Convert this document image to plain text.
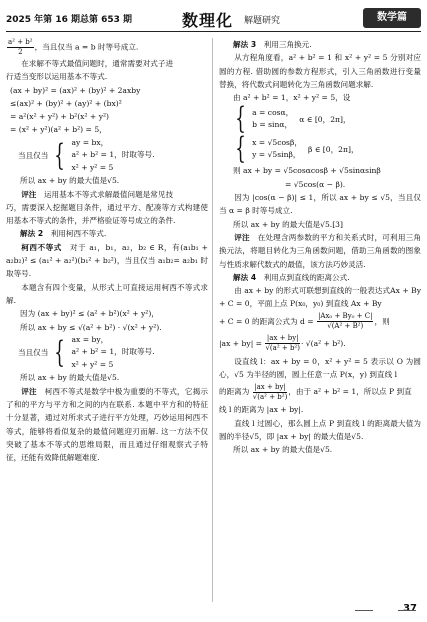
2025 年第 16 期总第 653 期	数理化 解题研究	数学篇
$\frac{\text{a² + b²}}{2}$ ，当且仅当 a = b 时等号成立.

在求解不等式最值问题时，通常需要对式子进
行适当变形以运用基本不等式.

(ax + by)² = (ax)² + (by)² + 2axby
≤(ax)² + (by)² + (ay)² + (bx)²
= a²(x² + y²) + b²(x² + y²)
= (x² + y²)(a² + b²) = 5，
当且仅当 { ay = bx，
a² + b² = 1，时取等号.
x² + y² = 5
所以 ax + by 的最大值是√5.

评注　 运用基本不等式求解最值问题是常见技
巧，需要深入挖掘题目条件，通过平方、配凑等方式构建使用基本不等式的条件，并严格验证等号成立的条件.

解法 2　 利用柯西不等式.

柯西不等式　 对于 a₁，b₁，a₂，b₂ ∈ R，有(a₁b₁ + a₂b₂)² ≤ (a₁² + a₂²)(b₁² + b₂²)，当且仅当 a₁b₂= a₂b₁ 时取等号.

本题含有四个变量，从形式上可直接运用柯西不等式求解.

因为 (ax + by)² ≤ (a² + b²)(x² + y²)，
所以 ax + by ≤ √(a² + b²) · √(x² + y²).
当且仅当 { ax = by，
a² + b² = 1，时取等号.
x² + y² = 5
所以 ax + by 的最大值是√5.

评注　 柯西不等式是数学中极为重要的不等式，它揭示了和的平方与平方和之间的内在联系. 本题中平方和的特征十分显著，通过对所求式子进行平方处理，巧妙运用柯西不等式，能够将看似复杂的最值问题迎刃而解. 这一方法不仅突破了基本不等式的思维局限，而且通过仔细观察式子特征，还能有效降低解题难度.

解法 3　 利用三角换元.

从方程角度看，a² + b² = 1 和 x² + y² = 5 分别对应圆的方程. 借助圆的参数方程形式，引入三角函数进行变量替换，将代数式问题转化为三角函数问题求解.

由 a² + b² = 1，x² + y² = 5，设
{ a = cosα，
b = sinα，
α ∈ [0，2π]，
{ x = √5cosβ，
y = √5sinβ，
β ∈ [0，2π]，
则 ax + by = √5cosαcosβ + √5sinαsinβ
= √5cos(α − β).

因为 |cos(α − β)| ≤ 1，所以 ax + by ≤ √5，当且仅当 α = β 时等号成立.

所以 ax + by 的最大值是√5.[3]

评注　 在处理含两参数的平方和关系式时，可利用三角换元法，将题目转化为三角函数问题，借助三角函数的图象与性质求解代数式的最值，该方法巧妙灵活.

解法 4　 利用点到直线的距离公式.

由 ax + by 的形式可联想到直线的一般表达式Ax + By + C = 0，平面上点 P(x₀，y₀) 到直线 Ax + By

+ C = 0 的距离公式为 $d = \frac{\text{|Ax₀ + By₀ + C|}}{\text{√(A² + B²)}}$ ，则
$|ax + by| = \frac{|ax + by|}{\text{√(a² + b²)}} \cdot √(a^2 + b^2)$.

设直线 l：ax + by = 0，x² + y² = 5 表示以 O 为圆心，√5 为半径的圆，圆上任意一点 P(x，y) 到直线 l

的距离为 $\frac{|ax + by|}{\text{√(a² + b²)}}$ ，由于 a² + b² = 1，所以点 P 到直
线 l 的距离为 |ax + by|.

直线 l 过圆心，那么圆上点 P 到直线 l 的距离最大值为圆的半径√5，即 |ax + by| 的最大值是√5.

所以 ax + by 的最大值是√5.
37
